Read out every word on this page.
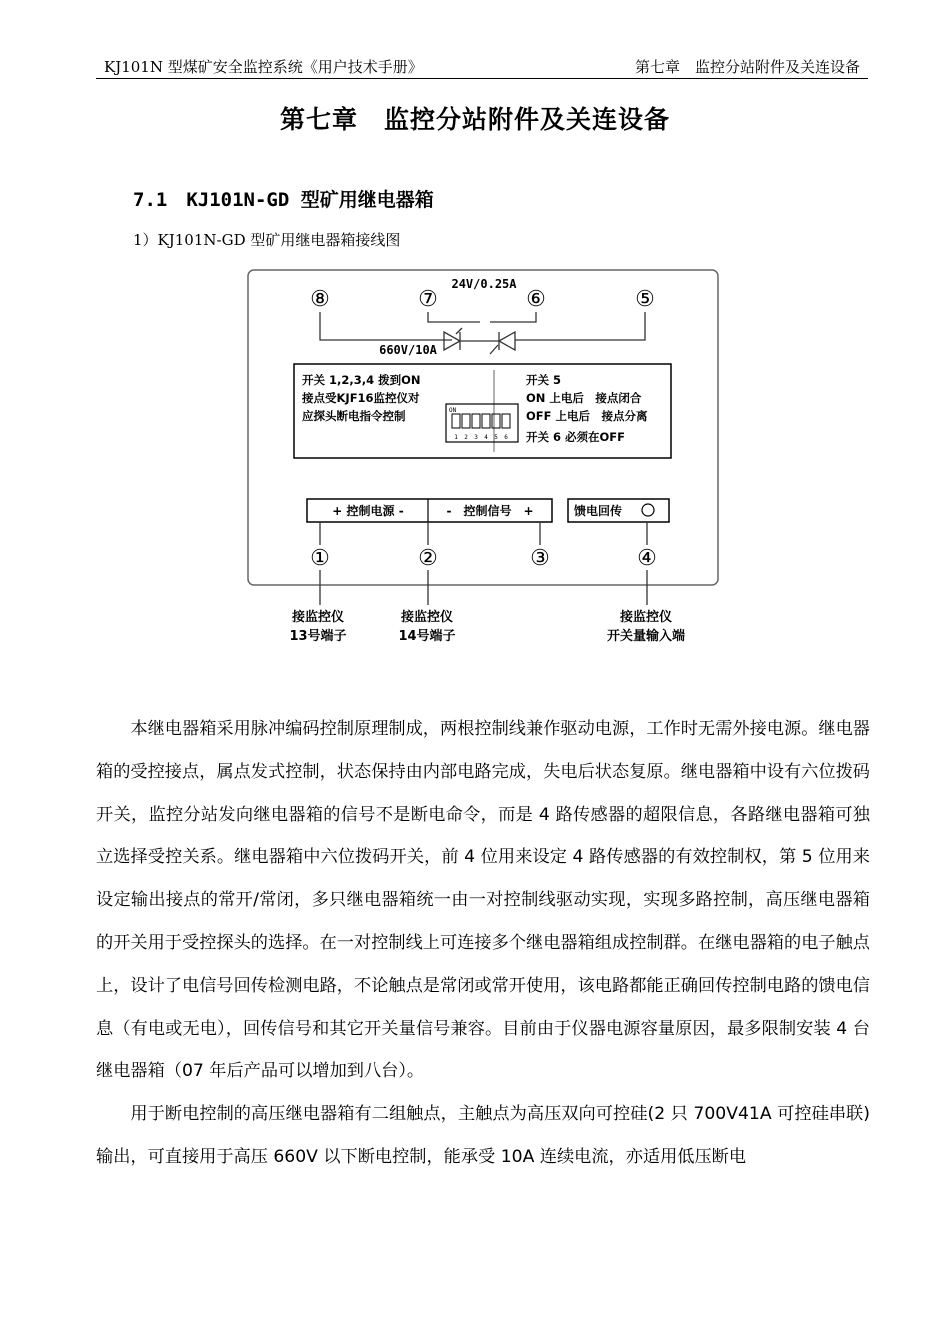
KJ101N 型煤矿安全监控系统《用户技术手册》	第七章　监控分站附件及关连设备
第七章　监控分站附件及关连设备
7.1　KJ101N-GD 型矿用继电器箱
1）KJ101N-GD 型矿用继电器箱接线图
⑧	⑦	⑥	⑤
24V/0.25A
660V/10A
开关 1,2,3,4 拨到ON
接点受KJF16监控仪对
应探头断电指令控制
开关 5
ON 上电后　接点闭合
OFF 上电后　接点分离
开关 6 必须在OFF
ON
1 2 3 4 5 6
+ 控制电源 -	-　控制信号　+	馈电回传
①	②	③	④
接监控仪
13号端子
接监控仪
14号端子
接监控仪
开关量输入端

本继电器箱采用脉冲编码控制原理制成，两根控制线兼作驱动电源，工作时无需外接电源。继电器箱的受控接点，属点发式控制，状态保持由内部电路完成，失电后状态复原。继电器箱中设有六位拨码开关，监控分站发向继电器箱的信号不是断电命令，而是 4 路传感器的超限信息，各路继电器箱可独立选择受控关系。继电器箱中六位拨码开关，前 4 位用来设定 4 路传感器的有效控制权，第 5 位用来设定输出接点的常开/常闭，多只继电器箱统一由一对控制线驱动实现，实现多路控制，高压继电器箱的开关用于受控探头的选择。在一对控制线上可连接多个继电器箱组成控制群。在继电器箱的电子触点上，设计了电信号回传检测电路，不论触点是常闭或常开使用，该电路都能正确回传控制电路的馈电信息（有电或无电），回传信号和其它开关量信号兼容。目前由于仪器电源容量原因，最多限制安装 4 台继电器箱（07 年后产品可以增加到八台）。

用于断电控制的高压继电器箱有二组触点，主触点为高压双向可控硅(2 只 700V41A 可控硅串联)输出，可直接用于高压 660V 以下断电控制，能承受 10A 连续电流，亦适用低压断电
